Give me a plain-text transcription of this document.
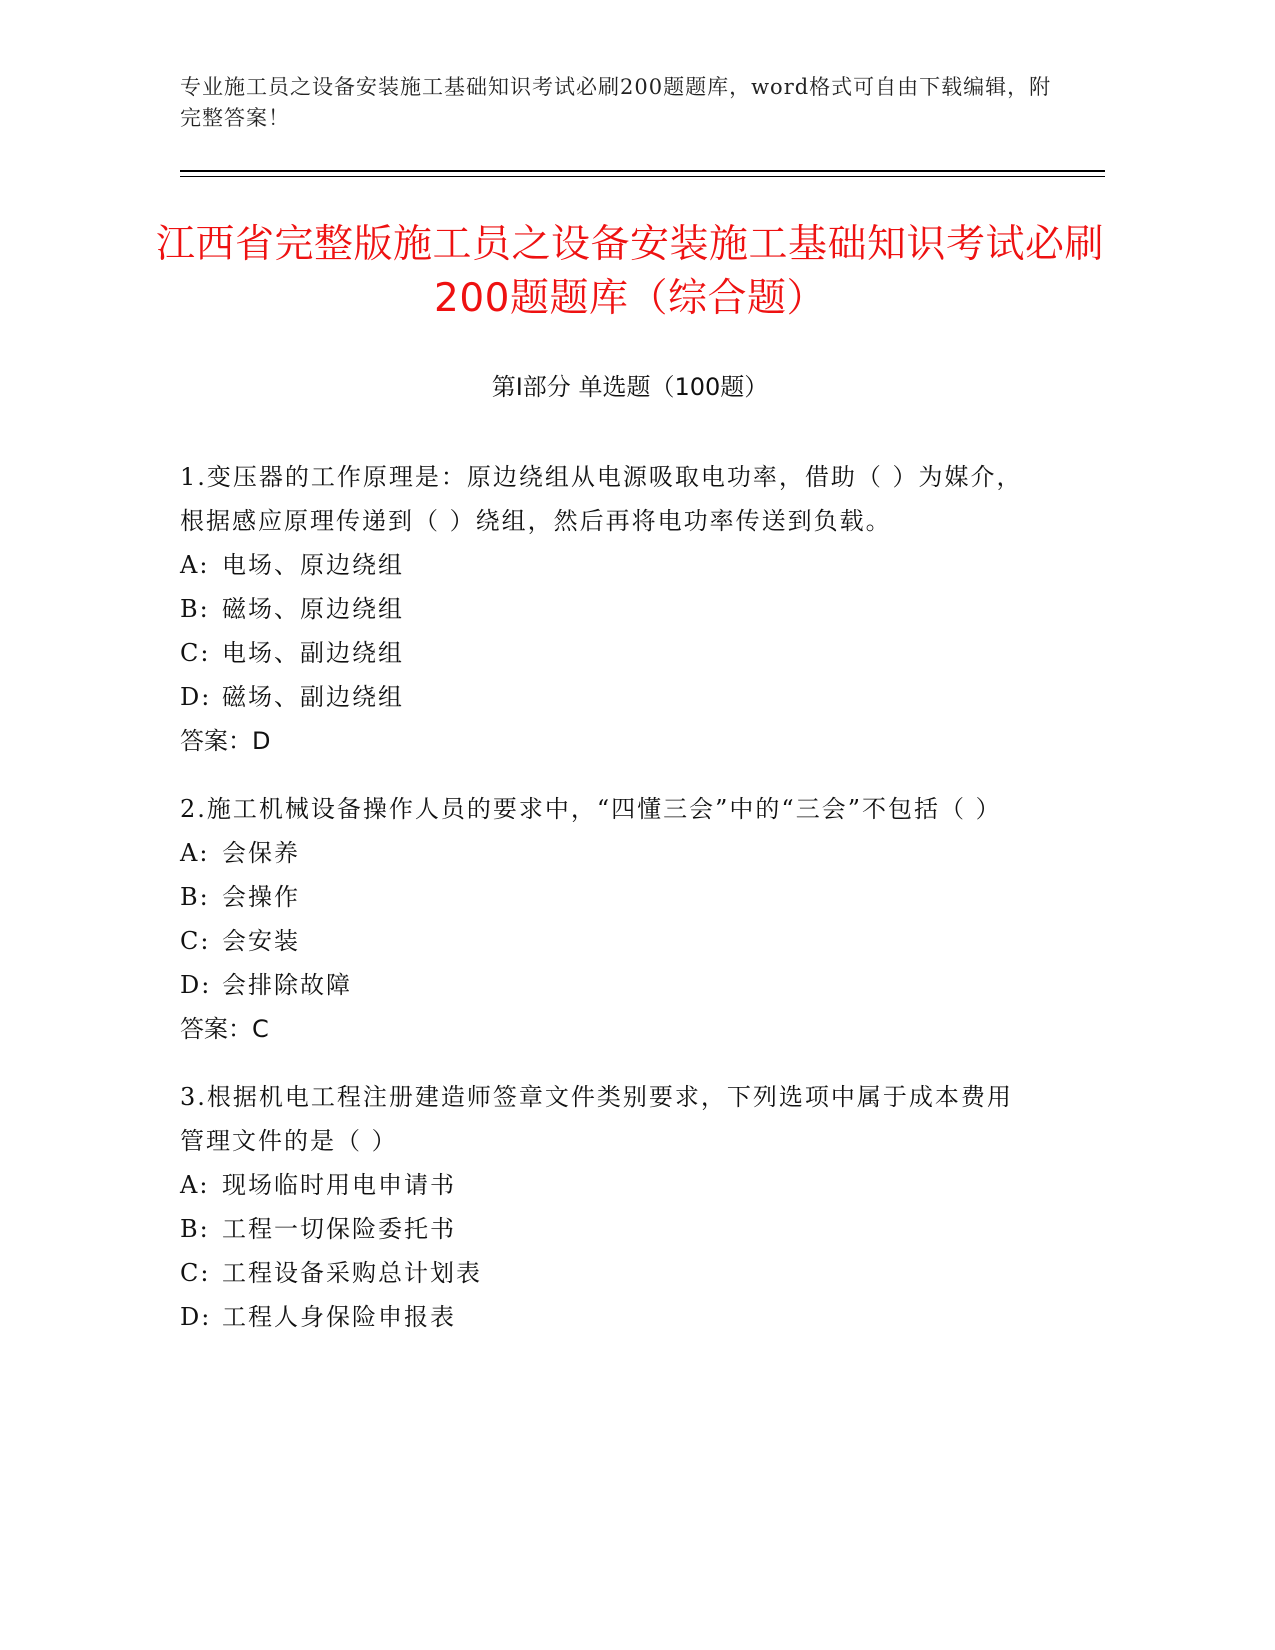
专业施工员之设备安装施工基础知识考试必刷200题题库，word格式可自由下载编辑，附完整答案！
江西省完整版施工员之设备安装施工基础知识考试必刷200题题库（综合题）
第Ⅰ部分 单选题（100题）
1.变压器的工作原理是：原边绕组从电源吸取电功率，借助（ ）为媒介，根据感应原理传递到（ ）绕组，然后再将电功率传送到负载。
A: 电场、原边绕组
B: 磁场、原边绕组
C: 电场、副边绕组
D: 磁场、副边绕组
答案：D
2.施工机械设备操作人员的要求中，“四懂三会”中的“三会”不包括（ ）
A: 会保养
B: 会操作
C: 会安装
D: 会排除故障
答案：C
3.根据机电工程注册建造师签章文件类别要求，下列选项中属于成本费用管理文件的是（ ）
A: 现场临时用电申请书
B: 工程一切保险委托书
C: 工程设备采购总计划表
D: 工程人身保险申报表
